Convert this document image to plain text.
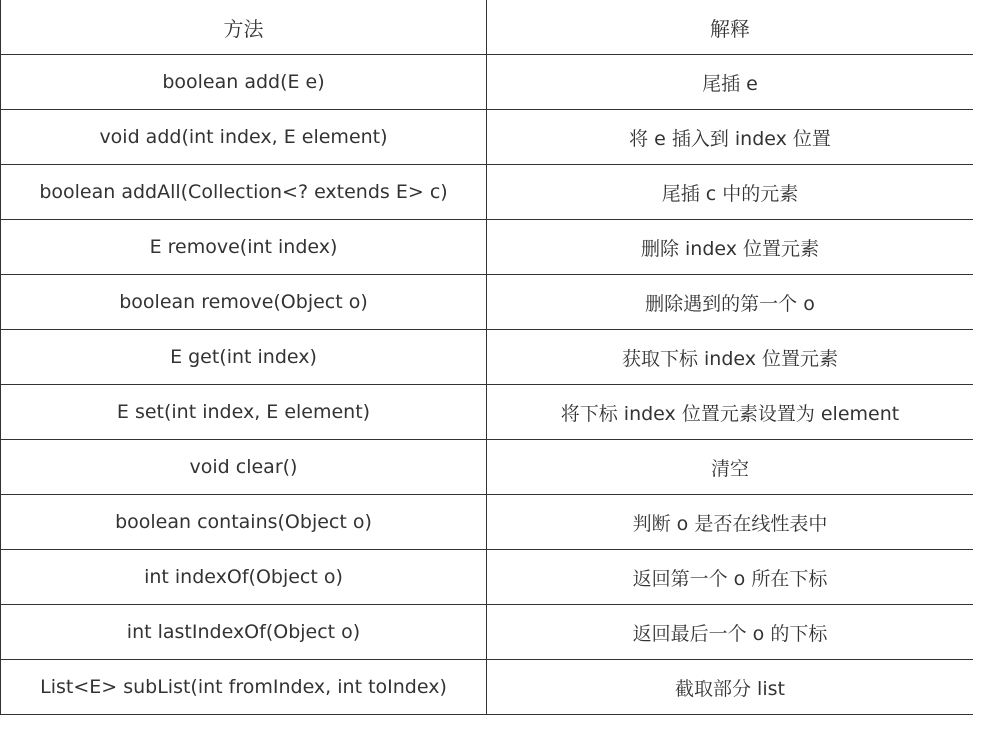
方法	解释
boolean add(E e)	尾插 e
void add(int index, E element)	将 e 插入到 index 位置
boolean addAll(Collection<? extends E> c)	尾插 c 中的元素
E remove(int index)	删除 index 位置元素
boolean remove(Object o)	删除遇到的第一个 o
E get(int index)	获取下标 index 位置元素
E set(int index, E element)	将下标 index 位置元素设置为 element
void clear()	清空
boolean contains(Object o)	判断 o 是否在线性表中
int indexOf(Object o)	返回第一个 o 所在下标
int lastIndexOf(Object o)	返回最后一个 o 的下标
List<E> subList(int fromIndex, int toIndex)	截取部分 list
